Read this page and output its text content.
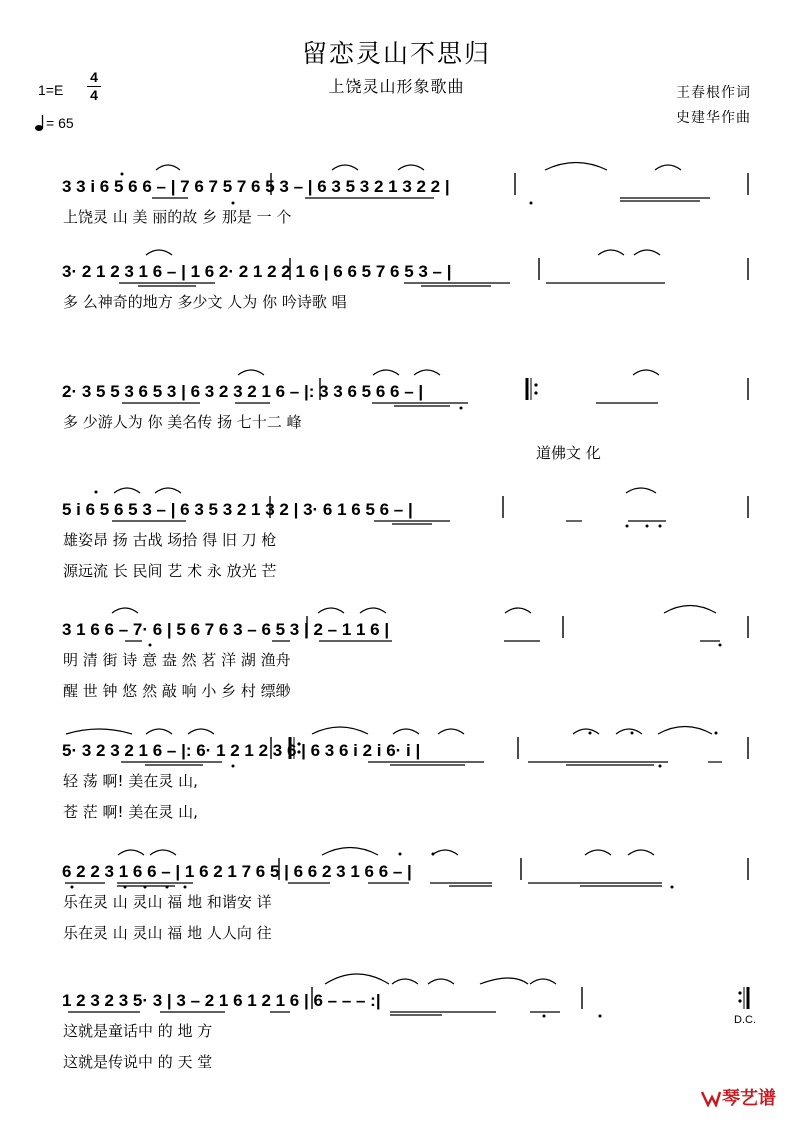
留恋灵山不思归
上饶灵山形象歌曲
1=E
4
4
= 65
王春根作词
史建华作曲
3 3 i 6 5 6 6 – | 7 6 7 5 7 6 5 3 – | 6 3 5 3 2 1 3 2 2 |
上饶灵 山 美 丽的故 乡 那是 一 个
3· 2 1 2 3 1 6 – | 1 6 2· 2 1 2 2 1 6 | 6 6 5 7 6 5 3 – |
多 么神奇的地方 多少文 人为 你 吟诗歌 唱
2· 3 5 5 3 6 5 3 | 6 3 2 3 2 1 6 – |: 3 3 6 5 6 6 – |
多 少游人为 你 美名传 扬 七十二 峰
道佛文 化
5 i 6 5 6 5 3 – | 6 3 5 3 2 1 3 2 | 3· 6 1 6 5 6 – |
雄姿昂 扬 古战 场拾 得 旧 刀 枪
源远流 长 民间 艺 术 永 放光 芒
3 1 6 6 – 7· 6 | 5 6 7 6 3 – 6 5 3 | 2 – 1 1 6 |
明 清 街 诗 意 盎 然 茗 洋 湖 渔舟
醒 世 钟 悠 然 敲 响 小 乡 村 缥缈
5· 3 2 3 2 1 6 – |: 6· 1 2 1 2 3 6 | 6 3 6 i 2 i 6· i |
轻 荡 啊! 美在灵 山,
苍 茫 啊! 美在灵 山,
6 2 2 3 1 6 6 – | 1 6 2 1 7 6 5 | 6 6 2 3 1 6 6 – |
乐在灵 山 灵山 福 地 和谐安 详
乐在灵 山 灵山 福 地 人人向 往
1 2 3 2 3 5· 3 | 3 – 2 1 6 1 2 1 6 | 6 – – – :|
这就是童话中 的 地 方
这就是传说中 的 天 堂
D.C.
琴艺谱
